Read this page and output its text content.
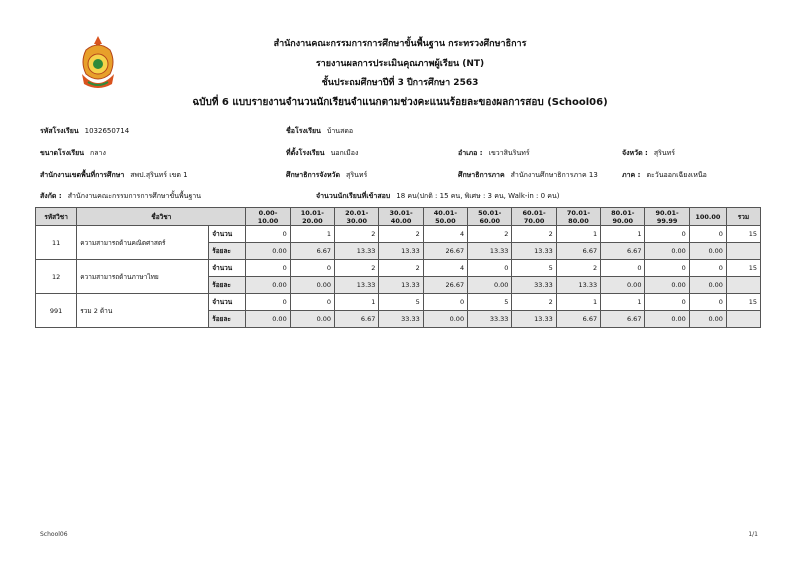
สำนักงานคณะกรรมการการศึกษาขั้นพื้นฐาน กระทรวงศึกษาธิการ
รายงานผลการประเมินคุณภาพผู้เรียน (NT)
ชั้นประถมศึกษาปีที่ 3 ปีการศึกษา 2563
ฉบับที่ 6 แบบรายงานจำนวนนักเรียนจำแนกตามช่วงคะแนนร้อยละของผลการสอบ (School06)
รหัสโรงเรียน 1032650714	ชื่อโรงเรียน บ้านสดอ
ขนาดโรงเรียน กลาง	ที่ตั้งโรงเรียน นอกเมือง	อำเภอ : เขวาสินรินทร์	จังหวัด : สุรินทร์
สำนักงานเขตพื้นที่การศึกษา สพป.สุรินทร์ เขต 1	ศึกษาธิการจังหวัด สุรินทร์	ศึกษาธิการภาค สำนักงานศึกษาธิการภาค 13	ภาค : ตะวันออกเฉียงเหนือ
สังกัด : สำนักงานคณะกรรมการการศึกษาขั้นพื้นฐาน	จำนวนนักเรียนที่เข้าสอบ 18 คน(ปกติ : 15 คน, พิเศษ : 3 คน, Walk-in : 0 คน)
รหัสวิชา	ชื่อวิชา		0.00-10.00	10.01-20.00	20.01-30.00	30.01-40.00	40.01-50.00	50.01-60.00	60.01-70.00	70.01-80.00	80.01-90.00	90.01-99.99	100.00	รวม
11	ความสามารถด้านคณิตศาสตร์	จำนวน	0	1	2	2	4	2	2	1	1	0	0	15
		ร้อยละ	0.00	6.67	13.33	13.33	26.67	13.33	13.33	6.67	6.67	0.00	0.00	
12	ความสามารถด้านภาษาไทย	จำนวน	0	0	2	2	4	0	5	2	0	0	0	15
		ร้อยละ	0.00	0.00	13.33	13.33	26.67	0.00	33.33	13.33	0.00	0.00	0.00	
991	รวม 2 ด้าน	จำนวน	0	0	1	5	0	5	2	1	1	0	0	15
		ร้อยละ	0.00	0.00	6.67	33.33	0.00	33.33	13.33	6.67	6.67	0.00	0.00	
School06	1/1
